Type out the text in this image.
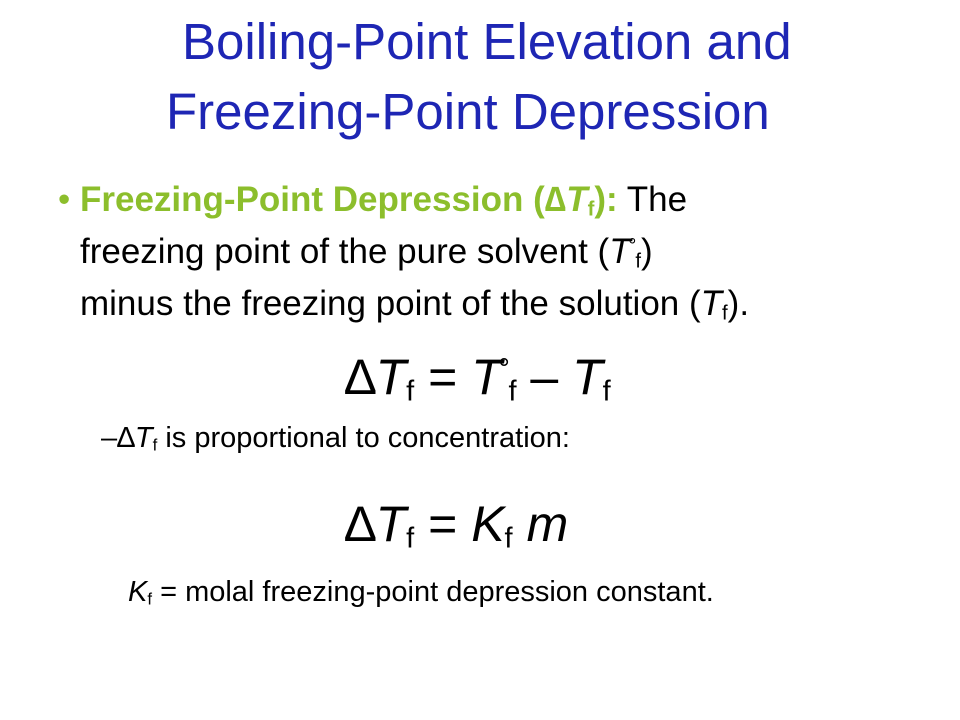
Boiling-Point Elevation and
Freezing-Point Depression
• Freezing-Point Depression $(\Delta T_f)$: The
freezing point of the pure solvent $(T^\circ_f)$
minus the freezing point of the solution $(T_f)$.
$\Delta T_f = T^\circ_f - T_f$
$-\Delta T_f$ is proportional to concentration:
$\Delta T_f = K_f$ m
$K_f$ = molal freezing-point depression constant.
